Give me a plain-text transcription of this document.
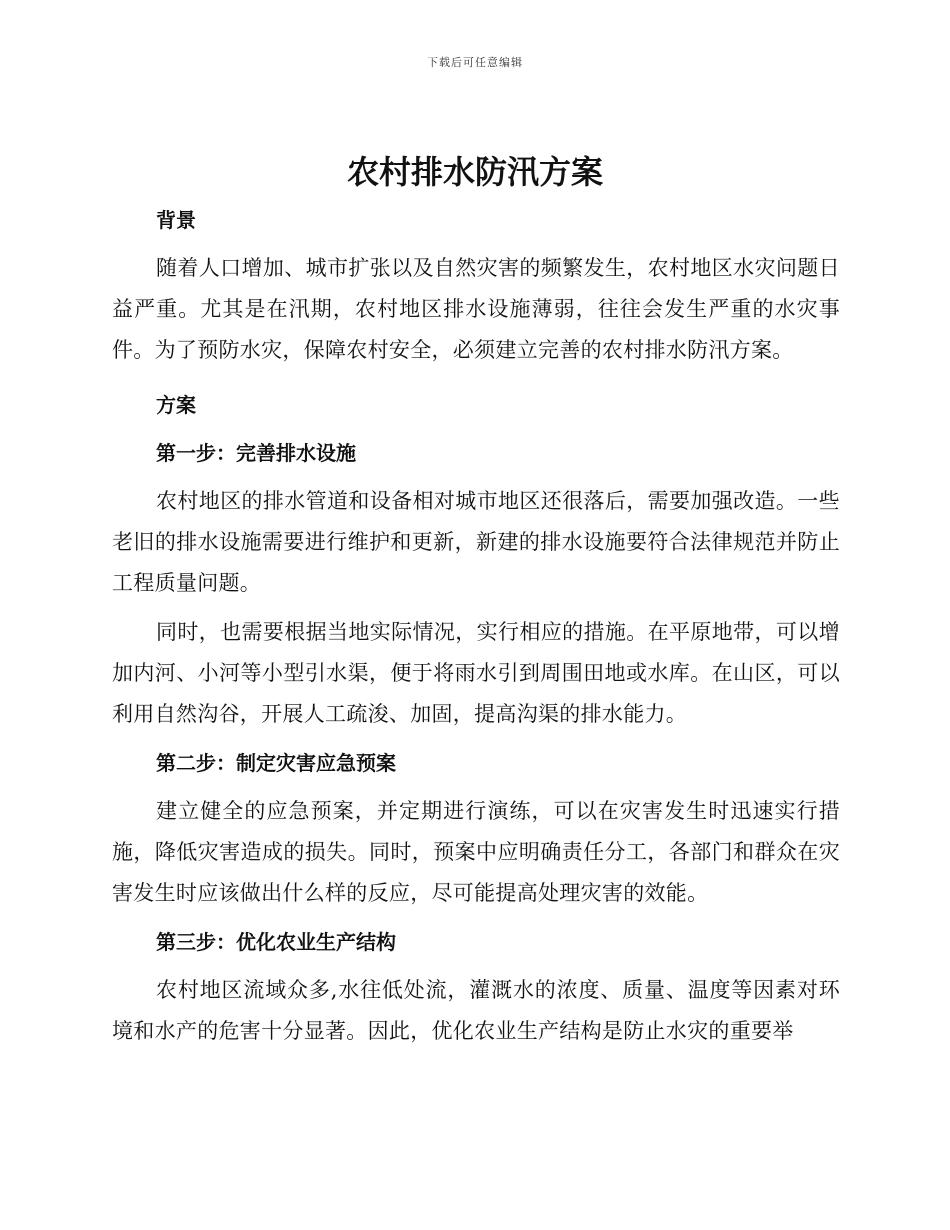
下载后可任意编辑
农村排水防汛方案
背景
随着人口增加、城市扩张以及自然灾害的频繁发生，农村地区水灾问题日益严重。尤其是在汛期，农村地区排水设施薄弱，往往会发生严重的水灾事件。为了预防水灾，保障农村安全，必须建立完善的农村排水防汛方案。
方案
第一步：完善排水设施
农村地区的排水管道和设备相对城市地区还很落后，需要加强改造。一些老旧的排水设施需要进行维护和更新，新建的排水设施要符合法律规范并防止工程质量问题。
同时，也需要根据当地实际情况，实行相应的措施。在平原地带，可以增加内河、小河等小型引水渠，便于将雨水引到周围田地或水库。在山区，可以利用自然沟谷，开展人工疏浚、加固，提高沟渠的排水能力。
第二步：制定灾害应急预案
建立健全的应急预案，并定期进行演练，可以在灾害发生时迅速实行措施，降低灾害造成的损失。同时，预案中应明确责任分工，各部门和群众在灾害发生时应该做出什么样的反应，尽可能提高处理灾害的效能。
第三步：优化农业生产结构
农村地区流域众多,水往低处流，灌溉水的浓度、质量、温度等因素对环境和水产的危害十分显著。因此，优化农业生产结构是防止水灾的重要举
